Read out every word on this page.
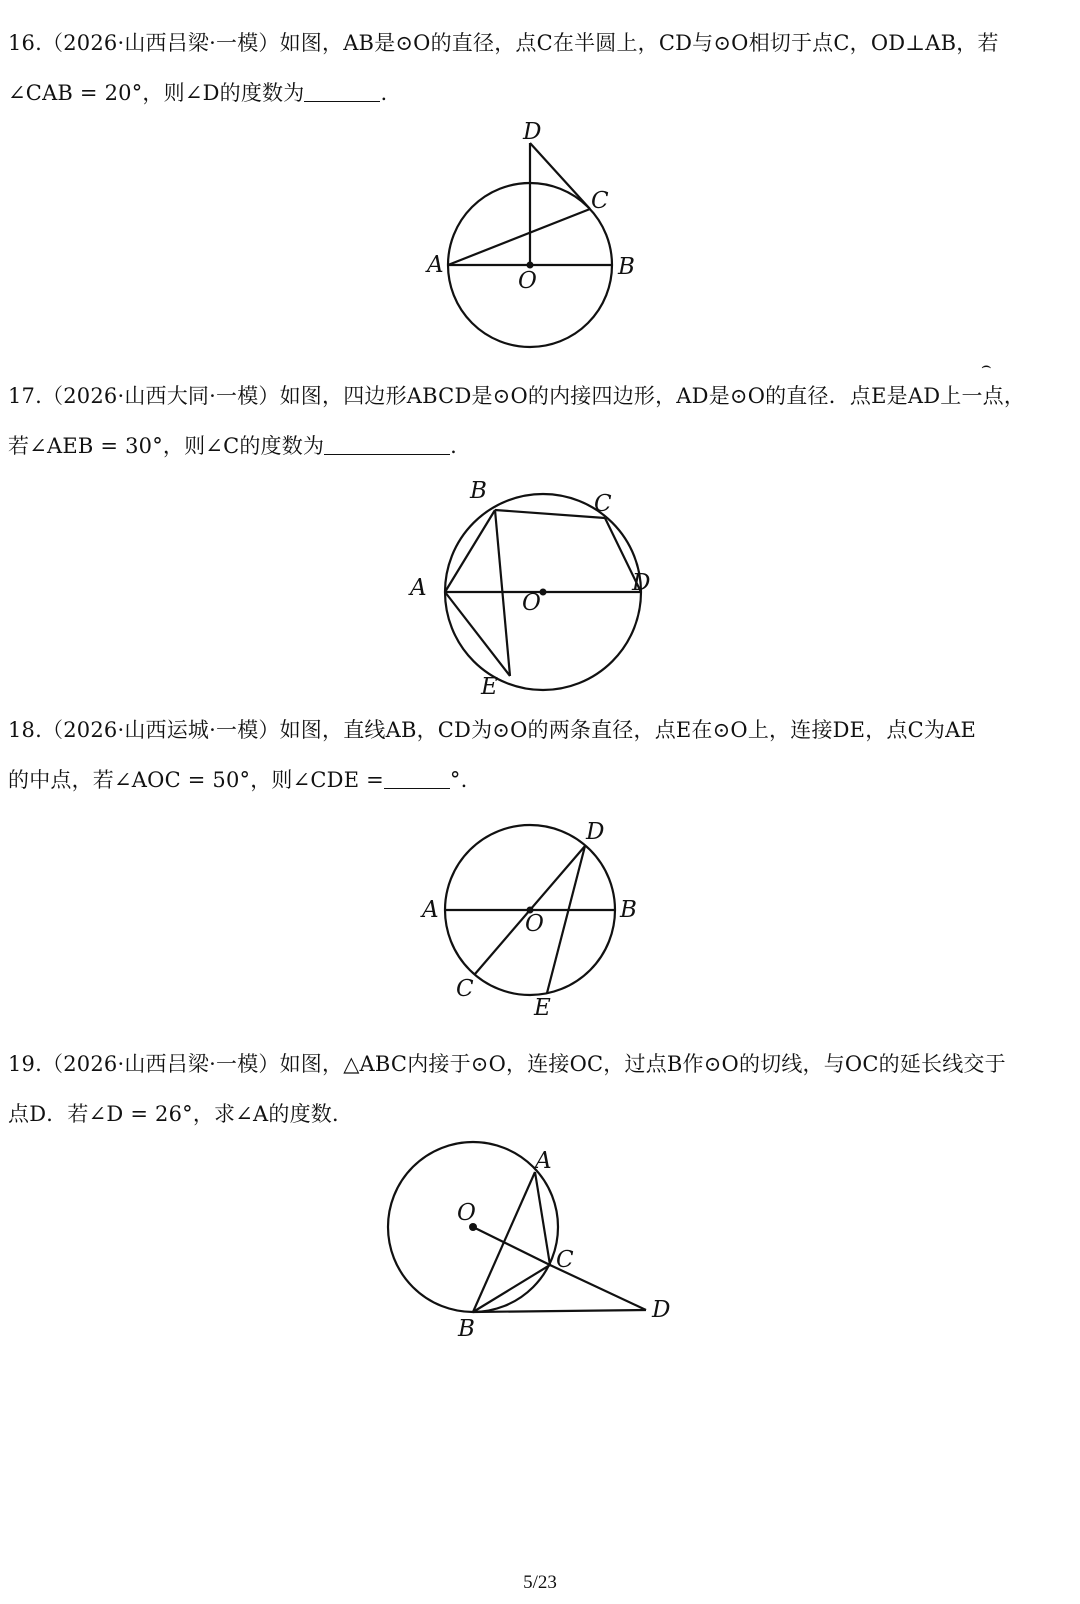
16.（2026·山西吕梁·一模）如图，AB是⊙O的直径，点C在半圆上，CD与⊙O相切于点C，OD⊥AB，若
∠CAB = 20°，则∠D的度数为	.
D
C
A	B
O
⌢
17.（2026·山西大同·一模）如图，四边形ABCD是⊙O的内接四边形，AD是⊙O的直径．点E是AD上一点，
若∠AEB = 30°，则∠C的度数为	.
B	C
A	D
O
E
18.（2026·山西运城·一模）如图，直线AB，CD为⊙O的两条直径，点E在⊙O上，连接DE，点C为AE
的中点，若∠AOC = 50°，则∠CDE =	°.
D
A	B
O
C
E
19.（2026·山西吕梁·一模）如图，△ABC内接于⊙O，连接OC，过点B作⊙O的切线，与OC的延长线交于
点D．若∠D = 26°，求∠A的度数．
A
O
C
D
B
5/23
